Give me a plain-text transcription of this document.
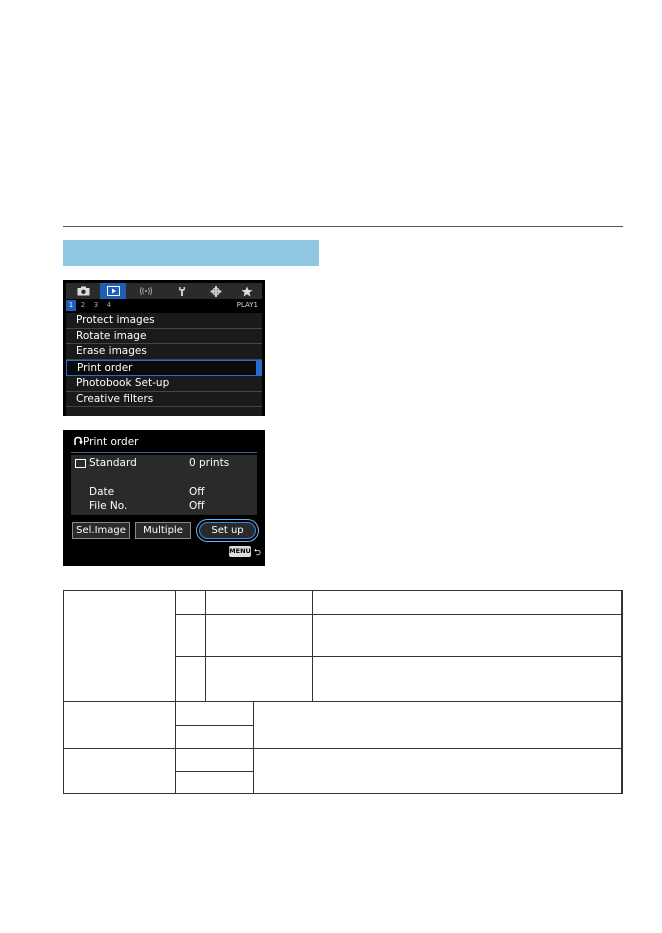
1	2	3	4	PLAY1
Protect images
Rotate image
Erase images
Print order
Photobook Set-up
Creative filters
Print order
Standard	0 prints
Date	Off
File No.	Off
Sel.Image	Multiple	Set up
MENU ⮌
